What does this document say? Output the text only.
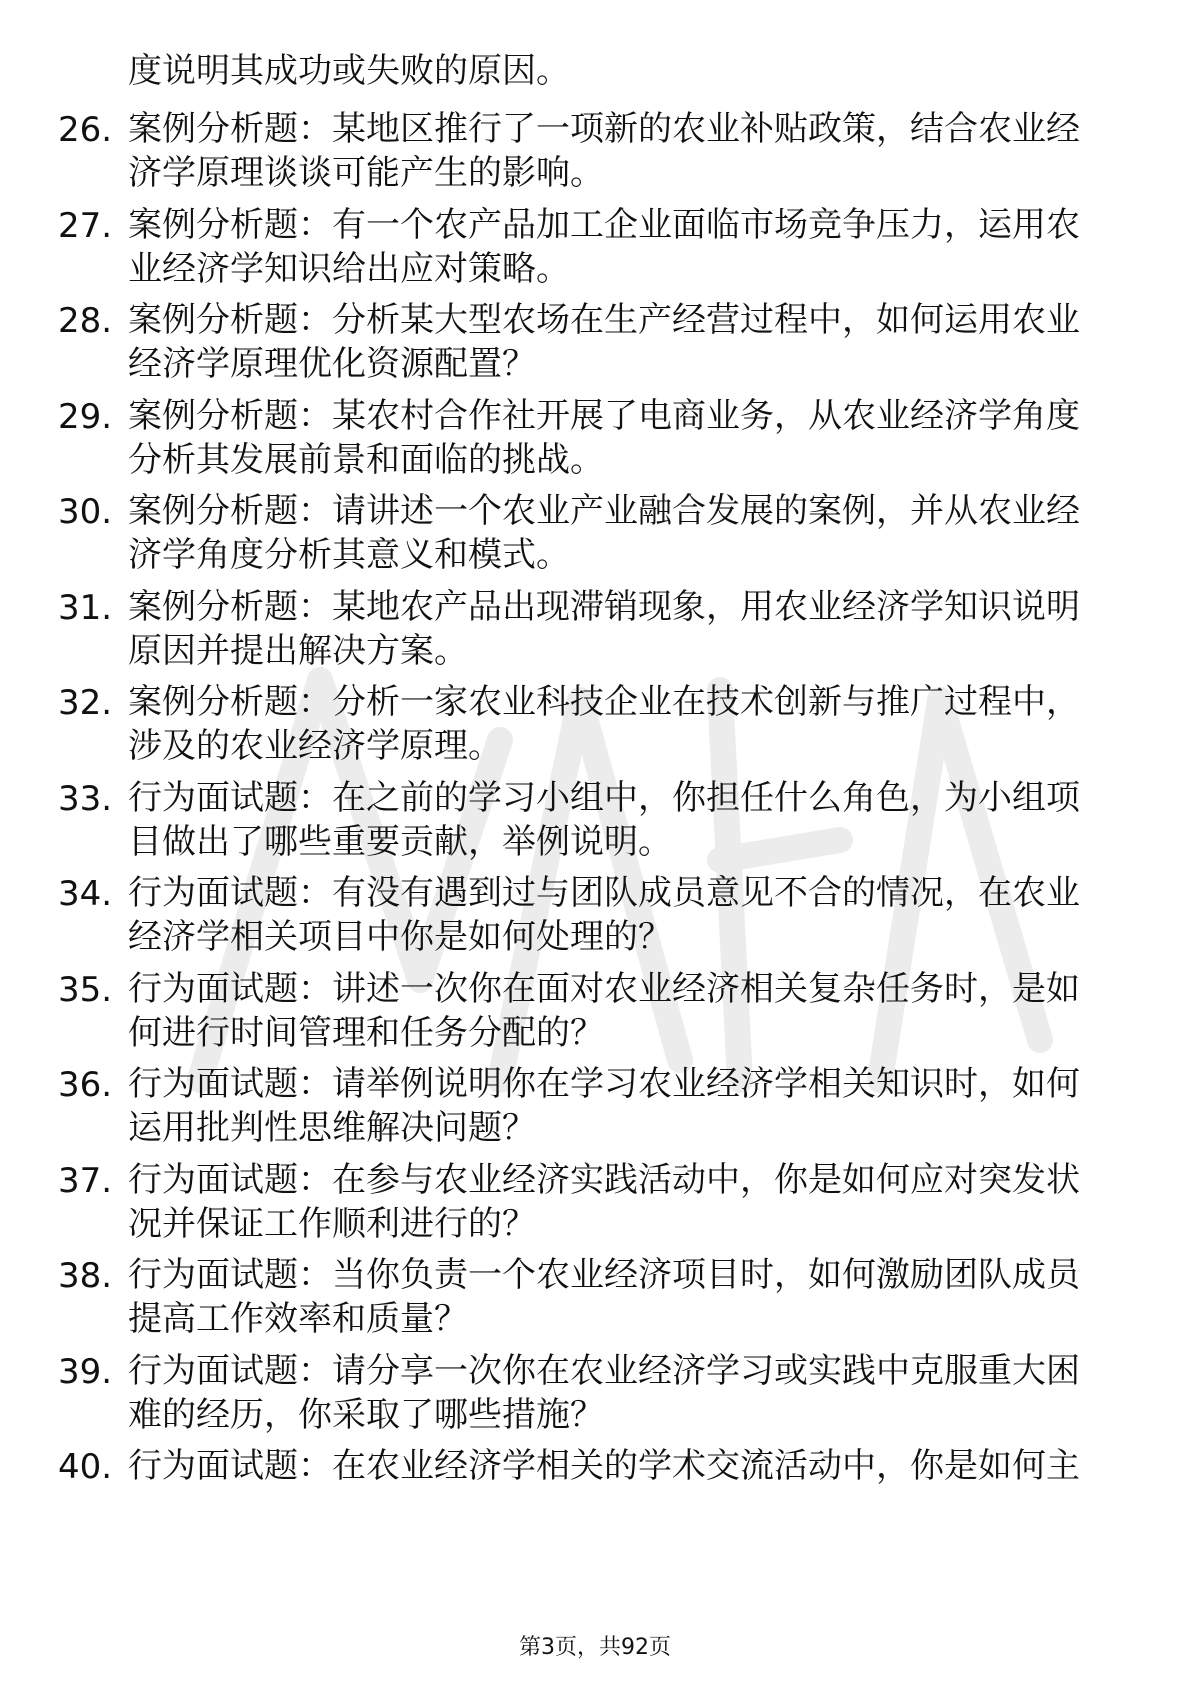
度说明其成功或失败的原因。
26. 案例分析题：某地区推行了一项新的农业补贴政策，结合农业经
济学原理谈谈可能产生的影响。
27. 案例分析题：有一个农产品加工企业面临市场竞争压力，运用农
业经济学知识给出应对策略。
28. 案例分析题：分析某大型农场在生产经营过程中，如何运用农业
经济学原理优化资源配置？
29. 案例分析题：某农村合作社开展了电商业务，从农业经济学角度
分析其发展前景和面临的挑战。
30. 案例分析题：请讲述一个农业产业融合发展的案例，并从农业经
济学角度分析其意义和模式。
31. 案例分析题：某地农产品出现滞销现象，用农业经济学知识说明
原因并提出解决方案。
32. 案例分析题：分析一家农业科技企业在技术创新与推广过程中，
涉及的农业经济学原理。
33. 行为面试题：在之前的学习小组中，你担任什么角色，为小组项
目做出了哪些重要贡献，举例说明。
34. 行为面试题：有没有遇到过与团队成员意见不合的情况，在农业
经济学相关项目中你是如何处理的？
35. 行为面试题：讲述一次你在面对农业经济相关复杂任务时，是如
何进行时间管理和任务分配的？
36. 行为面试题：请举例说明你在学习农业经济学相关知识时，如何
运用批判性思维解决问题？
37. 行为面试题：在参与农业经济实践活动中，你是如何应对突发状
况并保证工作顺利进行的？
38. 行为面试题：当你负责一个农业经济项目时，如何激励团队成员
提高工作效率和质量？
39. 行为面试题：请分享一次你在农业经济学习或实践中克服重大困
难的经历，你采取了哪些措施？
40. 行为面试题：在农业经济学相关的学术交流活动中，你是如何主
第3页，共92页
